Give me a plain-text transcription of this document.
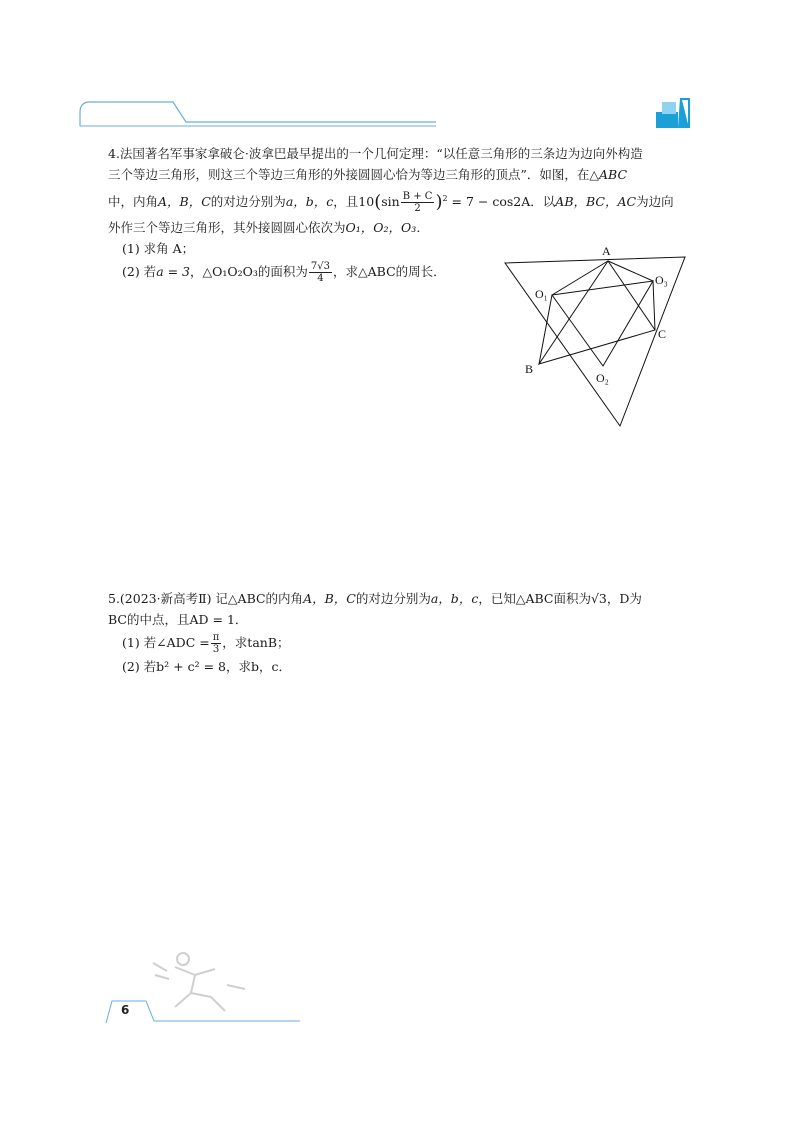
4.法国著名军事家拿破仑·波拿巴最早提出的一个几何定理：“以任意三角形的三条边为边向外构造
三个等边三角形，则这三个等边三角形的外接圆圆心恰为等边三角形的顶点”．如图，在△ABC
中，内角A，B，C的对边分别为a，b，c，且$10(\sin \frac{B + C}{2} )^2 = 7 - \cos 2A$．以AB，BC，AC为边向
外作三个等边三角形，其外接圆圆心依次为O₁，O₂，O₃．
(1) 求角 A；
(2) 若a = 3，△O₁O₂O₃的面积为 $\frac{7√3}{4}$ ，求△ABC的周长．
A
B
C
O₁
O₂
O₃
5.(2023·新高考Ⅱ) 记△ABC的内角A，B，C的对边分别为a，b，c，已知△ABC面积为√3，D为
BC的中点，且AD = 1．
(1) 若∠ADC = $\frac{\pi}{3}$ ，求tanB；
(2) 若b² + c² = 8，求b，c．
6
